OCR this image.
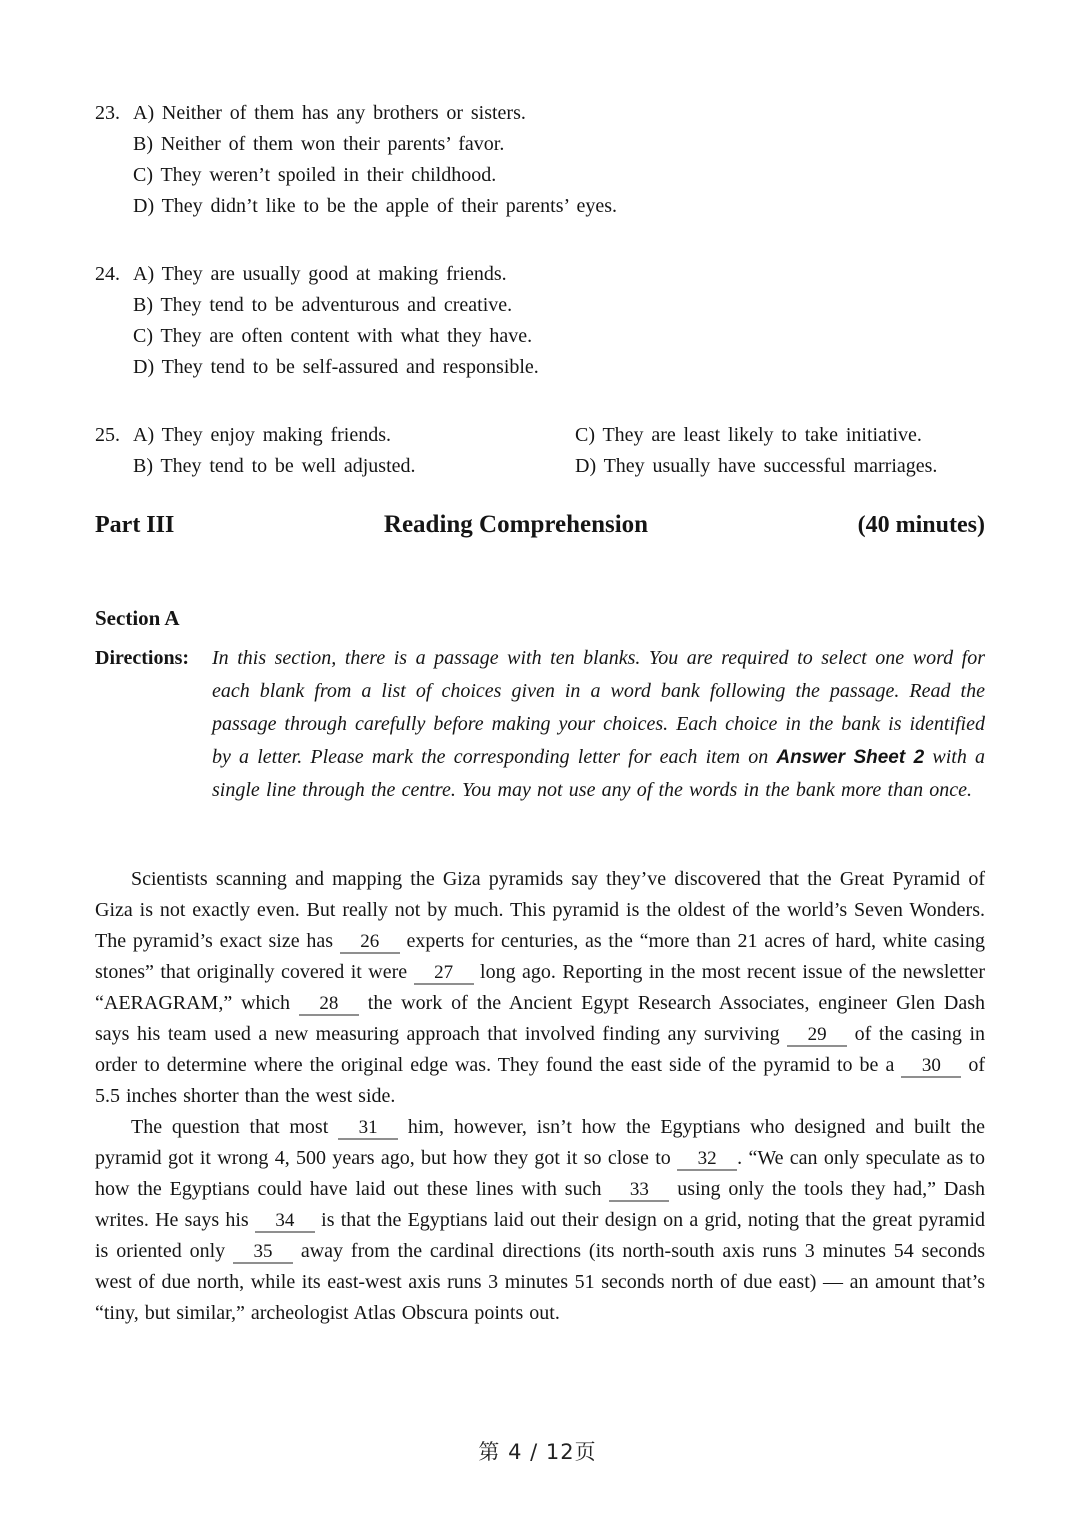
23. A) Neither of them has any brothers or sisters.
B) Neither of them won their parents’ favor.
C) They weren’t spoiled in their childhood.
D) They didn’t like to be the apple of their parents’ eyes.
24. A) They are usually good at making friends.
B) They tend to be adventurous and creative.
C) They are often content with what they have.
D) They tend to be self-assured and responsible.
25. A) They enjoy making friends.
B) They tend to be well adjusted.
C) They are least likely to take initiative.
D) They usually have successful marriages.
Part III	Reading Comprehension	(40 minutes)
Section A
Directions: In this section, there is a passage with ten blanks. You are required to select one word for each blank from a list of choices given in a word bank following the passage. Read the passage through carefully before making your choices. Each choice in the bank is identified by a letter. Please mark the corresponding letter for each item on Answer Sheet 2 with a single line through the centre. You may not use any of the words in the bank more than once.

Scientists scanning and mapping the Giza pyramids say they’ve discovered that the Great Pyramid of Giza is not exactly even. But really not by much. This pyramid is the oldest of the world’s Seven Wonders. The pyramid’s exact size has 26 experts for centuries, as the “more than 21 acres of hard, white casing stones” that originally covered it were 27 long ago. Reporting in the most recent issue of the newsletter “AERAGRAM,” which 28 the work of the Ancient Egypt Research Associates, engineer Glen Dash says his team used a new measuring approach that involved finding any surviving 29 of the casing in order to determine where the original edge was. They found the east side of the pyramid to be a 30 of 5.5 inches shorter than the west side.

The question that most 31 him, however, isn’t how the Egyptians who designed and built the pyramid got it wrong 4, 500 years ago, but how they got it so close to 32 . “We can only speculate as to how the Egyptians could have laid out these lines with such 33 using only the tools they had,” Dash writes. He says his 34 is that the Egyptians laid out their design on a grid, noting that the great pyramid is oriented only 35 away from the cardinal directions (its north-south axis runs 3 minutes 54 seconds west of due north, while its east-west axis runs 3 minutes 51 seconds north of due east) — an amount that’s “tiny, but similar,” archeologist Atlas Obscura points out.

第 4 / 12页
